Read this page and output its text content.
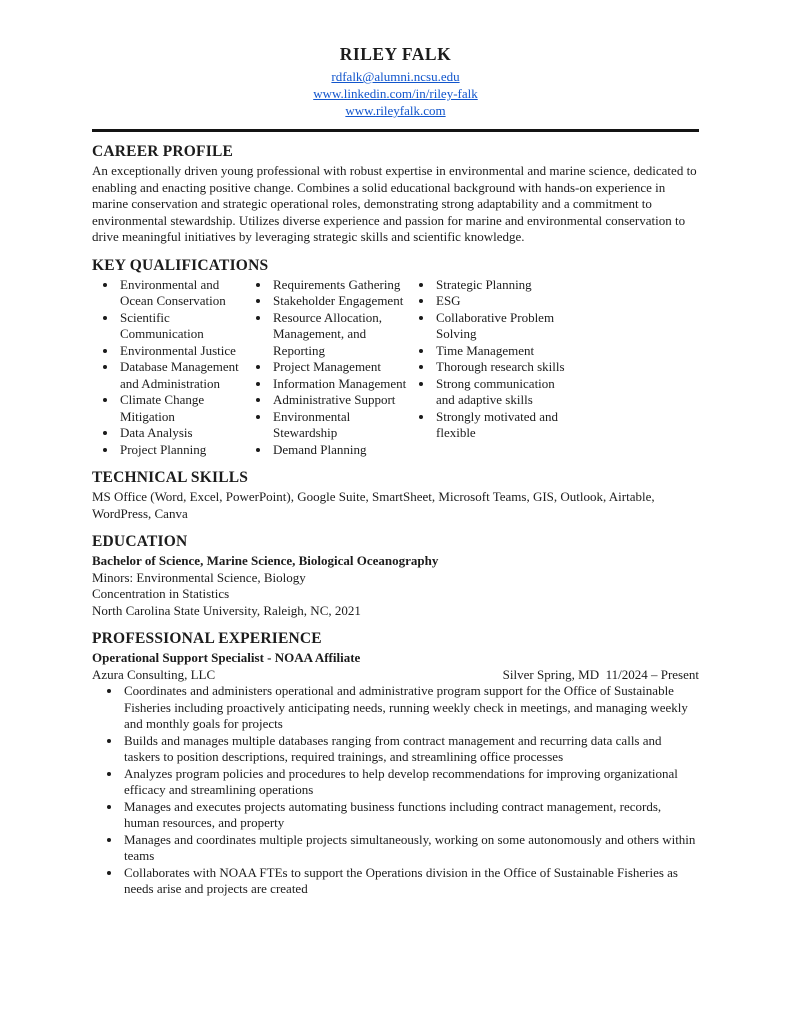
RILEY FALK
rdfalk@alumni.ncsu.edu
www.linkedin.com/in/riley-falk
www.rileyfalk.com
CAREER PROFILE

An exceptionally driven young professional with robust expertise in environmental and marine science, dedicated to enabling and enacting positive change. Combines a solid educational background with hands-on experience in marine conservation and strategic operational roles, demonstrating strong adaptability and a commitment to environmental stewardship. Utilizes diverse experience and passion for marine and environmental conservation to drive meaningful initiatives by leveraging strategic skills and scientific knowledge.

KEY QUALIFICATIONS
• Environmental and Ocean Conservation
• Scientific Communication
• Environmental Justice
• Database Management and Administration
• Climate Change Mitigation
• Data Analysis
• Project Planning
• Requirements Gathering
• Stakeholder Engagement
• Resource Allocation, Management, and Reporting
• Project Management
• Information Management
• Administrative Support
• Environmental Stewardship
• Demand Planning
• Strategic Planning
• ESG
• Collaborative Problem Solving
• Time Management
• Thorough research skills
• Strong communication and adaptive skills
• Strongly motivated and flexible
TECHNICAL SKILLS

MS Office (Word, Excel, PowerPoint), Google Suite, SmartSheet, Microsoft Teams, GIS, Outlook, Airtable, WordPress, Canva

EDUCATION

Bachelor of Science, Marine Science, Biological Oceanography

Minors: Environmental Science, Biology

Concentration in Statistics

North Carolina State University, Raleigh, NC, 2021

PROFESSIONAL EXPERIENCE

Operational Support Specialist - NOAA Affiliate

Azura Consulting, LLC	Silver Spring, MD  11/2024 – Present
• Coordinates and administers operational and administrative program support for the Office of Sustainable Fisheries including proactively anticipating needs, running weekly check in meetings, and managing weekly and monthly goals for projects
• Builds and manages multiple databases ranging from contract management and recurring data calls and taskers to position descriptions, required trainings, and streamlining office processes
• Analyzes program policies and procedures to help develop recommendations for improving organizational efficacy and streamlining operations
• Manages and executes projects automating business functions including contract management, records, human resources, and property
• Manages and coordinates multiple projects simultaneously, working on some autonomously and others within teams
• Collaborates with NOAA FTEs to support the Operations division in the Office of Sustainable Fisheries as needs arise and projects are created
